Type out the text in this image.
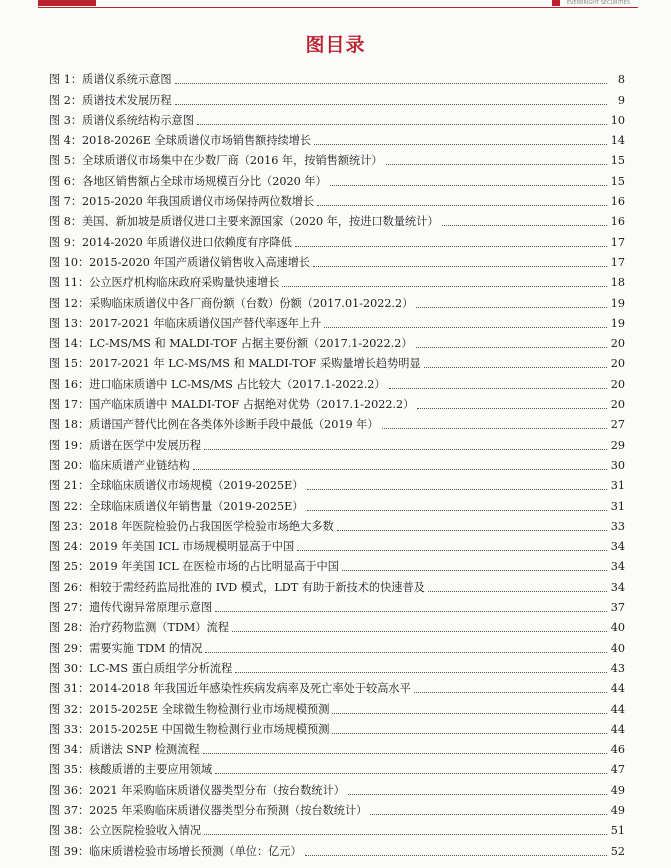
EVERBRIGHT SECURITIES
图目录
图 1：质谱仪系统示意图	8
图 2：质谱技术发展历程	9
图 3：质谱仪系统结构示意图	10
图 4：2018-2026E 全球质谱仪市场销售额持续增长	14
图 5：全球质谱仪市场集中在少数厂商（2016 年，按销售额统计）	15
图 6：各地区销售额占全球市场规模百分比（2020 年）	15
图 7：2015-2020 年我国质谱仪市场保持两位数增长	16
图 8：美国、新加坡是质谱仪进口主要来源国家（2020 年，按进口数量统计）	16
图 9：2014-2020 年质谱仪进口依赖度有序降低	17
图 10：2015-2020 年国产质谱仪销售收入高速增长	17
图 11：公立医疗机构临床政府采购量快速增长	18
图 12：采购临床质谱仪中各厂商份额（台数）份额（2017.01-2022.2）	19
图 13：2017-2021 年临床质谱仪国产替代率逐年上升	19
图 14：LC-MS/MS 和 MALDI-TOF 占据主要份额（2017.1-2022.2）	20
图 15：2017-2021 年 LC-MS/MS 和 MALDI-TOF 采购量增长趋势明显	20
图 16：进口临床质谱中 LC-MS/MS 占比较大（2017.1-2022.2）	20
图 17：国产临床质谱中 MALDI-TOF 占据绝对优势（2017.1-2022.2）	20
图 18：质谱国产替代比例在各类体外诊断手段中最低（2019 年）	27
图 19：质谱在医学中发展历程	29
图 20：临床质谱产业链结构	30
图 21：全球临床质谱仪市场规模（2019-2025E）	31
图 22：全球临床质谱仪年销售量（2019-2025E）	31
图 23：2018 年医院检验仍占我国医学检验市场绝大多数	33
图 24：2019 年美国 ICL 市场规模明显高于中国	34
图 25：2019 年美国 ICL 在医检市场的占比明显高于中国	34
图 26：相较于需经药监局批准的 IVD 模式，LDT 有助于新技术的快速普及	34
图 27：遗传代谢异常原理示意图	37
图 28：治疗药物监测（TDM）流程	40
图 29：需要实施 TDM 的情况	40
图 30：LC-MS 蛋白质组学分析流程	43
图 31：2014-2018 年我国近年感染性疾病发病率及死亡率处于较高水平	44
图 32：2015-2025E 全球微生物检测行业市场规模预测	44
图 33：2015-2025E 中国微生物检测行业市场规模预测	44
图 34：质谱法 SNP 检测流程	46
图 35：核酸质谱的主要应用领域	47
图 36：2021 年采购临床质谱仪器类型分布（按台数统计）	49
图 37：2025 年采购临床质谱仪器类型分布预测（按台数统计）	49
图 38：公立医院检验收入情况	51
图 39：临床质谱检验市场增长预测（单位：亿元）	52
